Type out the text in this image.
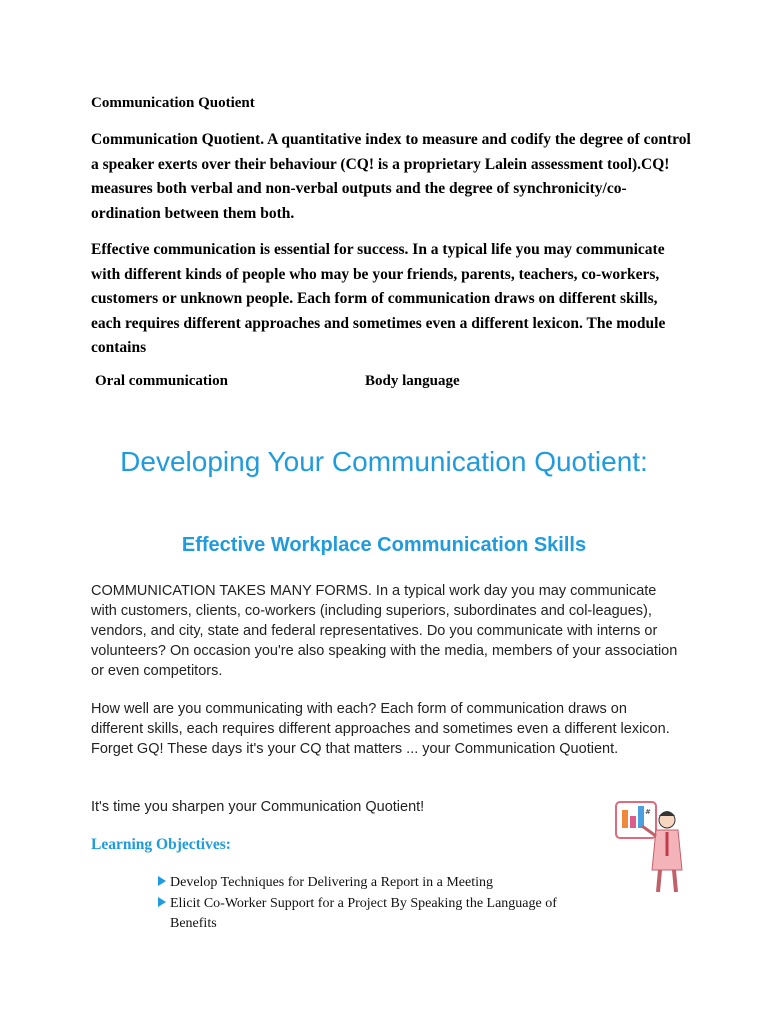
Communication Quotient
Communication Quotient. A quantitative index to measure and codify the degree of control a speaker exerts over their behaviour (CQ! is a proprietary Lalein assessment tool).CQ! measures both verbal and non-verbal outputs and the degree of synchronicity/co-ordination between them both.
Effective communication is essential for success. In a typical life you may communicate with different kinds of people who may be your friends, parents, teachers, co-workers, customers or unknown people. Each form of communication draws on different skills, each requires different approaches and sometimes even a different lexicon. The module contains
Oral communication	Body language
Developing Your Communication Quotient:
Effective Workplace Communication Skills
COMMUNICATION TAKES MANY FORMS. In a typical work day you may communicate with customers, clients, co-workers (including superiors, subordinates and col-leagues), vendors, and city, state and federal representatives. Do you communicate with interns or volunteers? On occasion you're also speaking with the media, members of your association or even competitors.
How well are you communicating with each? Each form of communication draws on different skills, each requires different approaches and sometimes even a different lexicon. Forget GQ! These days it's your CQ that matters ... your Communication Quotient.
It's time you sharpen your Communication Quotient!
Learning Objectives:
Develop Techniques for Delivering a Report in a Meeting
Elicit Co-Worker Support for a Project By Speaking the Language of Benefits
#
